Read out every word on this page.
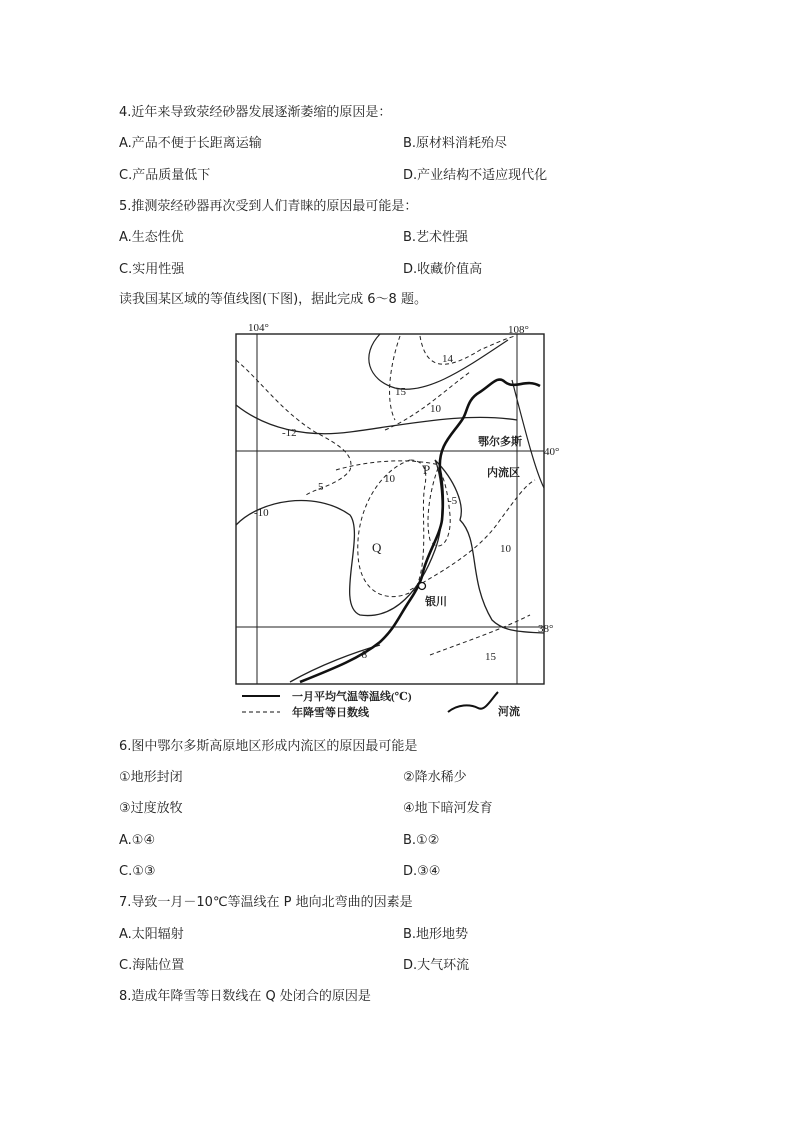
4.近年来导致荥经砂器发展逐渐萎缩的原因是：
A.产品不便于长距离运输	B.原材料消耗殆尽
C.产品质量低下	D.产业结构不适应现代化
5.推测荥经砂器再次受到人们青睐的原因最可能是：
A.生态性优	B.艺术性强
C.实用性强	D.收藏价值高
读我国某区域的等值线图(下图)，据此完成 6～8 题。
104°	108°
40°
38°
鄂尔多斯
内流区
银川
P
Q
-12
-10
-8
14
15
10
5
10
-5
10
15
一月平均气温等温线(℃)
年降雪等日数线	河流
6.图中鄂尔多斯高原地区形成内流区的原因最可能是
①地形封闭	②降水稀少
③过度放牧	④地下暗河发育
A.①④	B.①②
C.①③	D.③④
7.导致一月－10℃等温线在 P 地向北弯曲的因素是
A.太阳辐射	B.地形地势
C.海陆位置	D.大气环流
8.造成年降雪等日数线在 Q 处闭合的原因是
